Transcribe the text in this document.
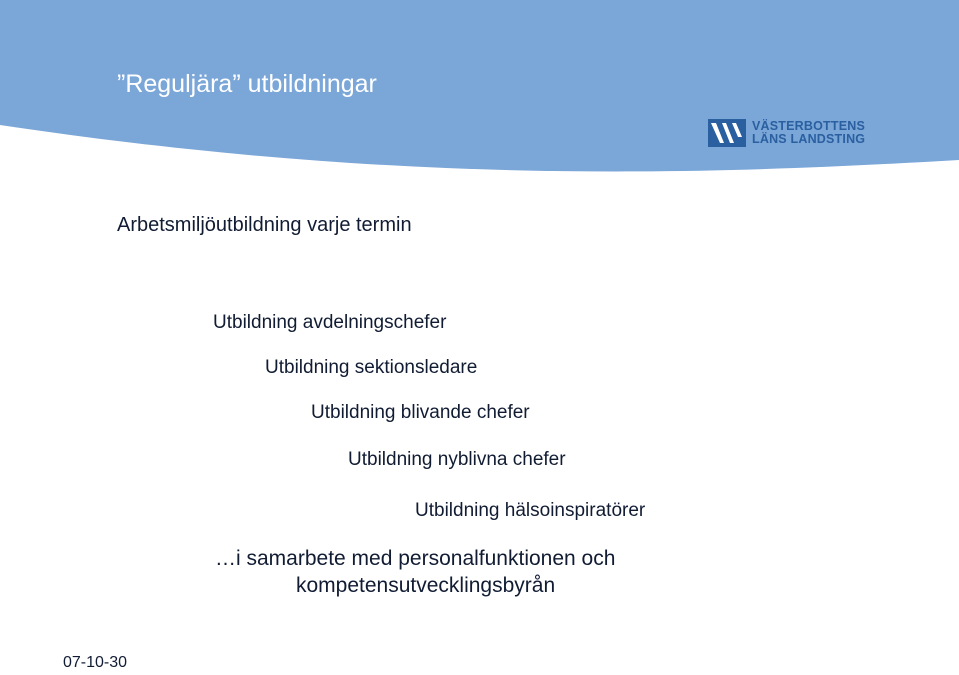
”Reguljära” utbildningar
VÄSTERBOTTENS
LÄNS LANDSTING
Arbetsmiljöutbildning varje termin
Utbildning avdelningschefer
Utbildning sektionsledare
Utbildning blivande chefer
Utbildning nyblivna chefer
Utbildning hälsoinspiratörer
…i samarbete med personalfunktionen och
kompetensutvecklingsbyrån
07-10-30
